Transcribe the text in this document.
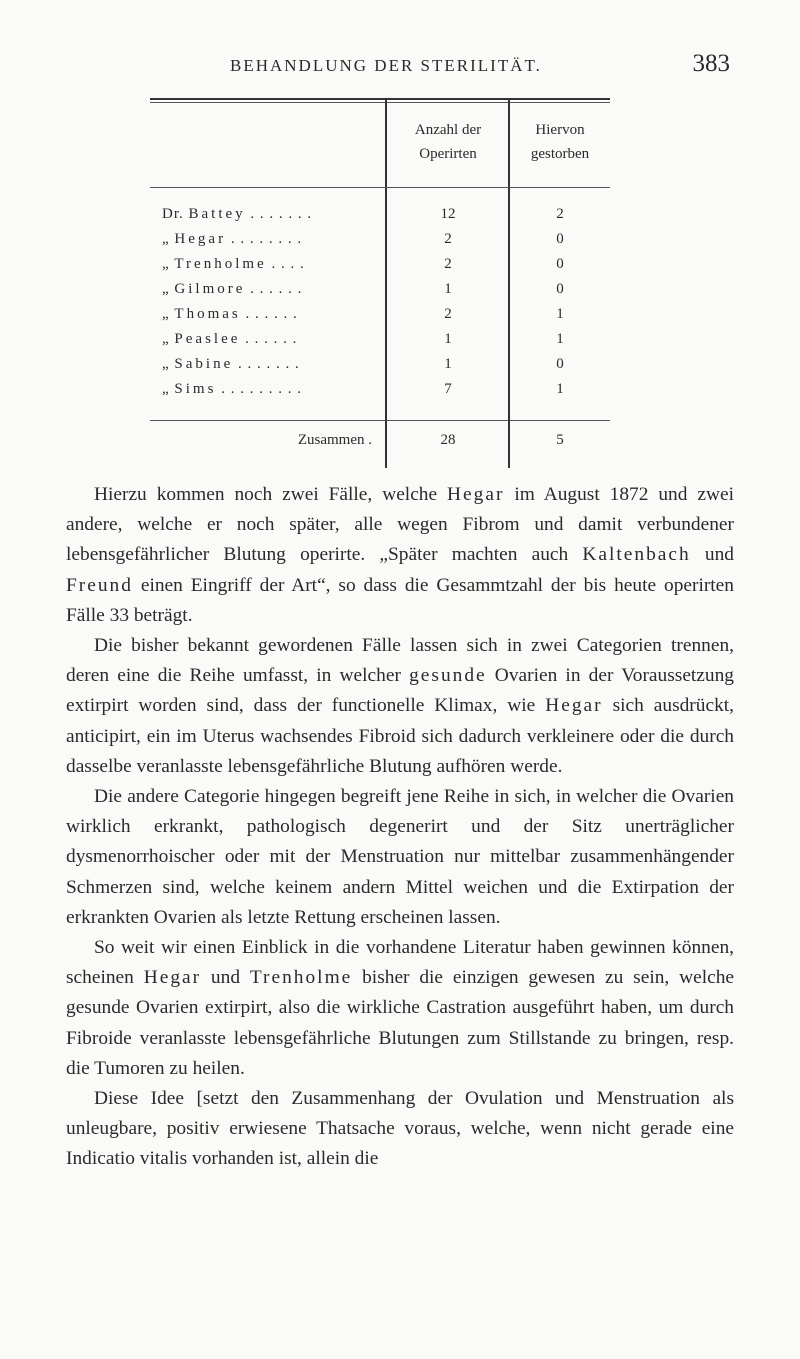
BEHANDLUNG DER STERILITÄT.	383
Anzahl der
Operirten
Hiervon
gestorben
Dr. Battey . . . . . . .	12	2
„ Hegar . . . . . . . .	2	0
„ Trenholme . . . .	2	0
„ Gilmore . . . . . .	1	0
„ Thomas . . . . . .	2	1
„ Peaslee . . . . . .	1	1
„ Sabine . . . . . . .	1	0
„ Sims . . . . . . . . .	7	1
Zusammen .	28	5

Hierzu kommen noch zwei Fälle, welche Hegar im August 1872 und zwei andere, welche er noch später, alle wegen Fibrom und damit verbundener lebensgefährlicher Blutung operirte. „Später machten auch Kaltenbach und Freund einen Eingriff der Art“, so dass die Gesammtzahl der bis heute operirten Fälle 33 beträgt.

Die bisher bekannt gewordenen Fälle lassen sich in zwei Categorien trennen, deren eine die Reihe umfasst, in welcher gesunde Ovarien in der Voraussetzung extirpirt worden sind, dass der functionelle Klimax, wie Hegar sich ausdrückt, anticipirt, ein im Uterus wachsendes Fibroid sich dadurch verkleinere oder die durch dasselbe veranlasste lebensgefährliche Blutung aufhören werde.

Die andere Categorie hingegen begreift jene Reihe in sich, in welcher die Ovarien wirklich erkrankt, pathologisch degenerirt und der Sitz unerträglicher dysmenorrhoischer oder mit der Menstruation nur mittelbar zusammenhängender Schmerzen sind, welche keinem andern Mittel weichen und die Extirpation der erkrankten Ovarien als letzte Rettung erscheinen lassen.

So weit wir einen Einblick in die vorhandene Literatur haben gewinnen können, scheinen Hegar und Trenholme bisher die einzigen gewesen zu sein, welche gesunde Ovarien extirpirt, also die wirkliche Castration ausgeführt haben, um durch Fibroide veranlasste lebensgefährliche Blutungen zum Stillstande zu bringen, resp. die Tumoren zu heilen.

Diese Idee [setzt den Zusammenhang der Ovulation und Menstruation als unleugbare, positiv erwiesene Thatsache voraus, welche, wenn nicht gerade eine Indicatio vitalis vorhanden ist, allein die
